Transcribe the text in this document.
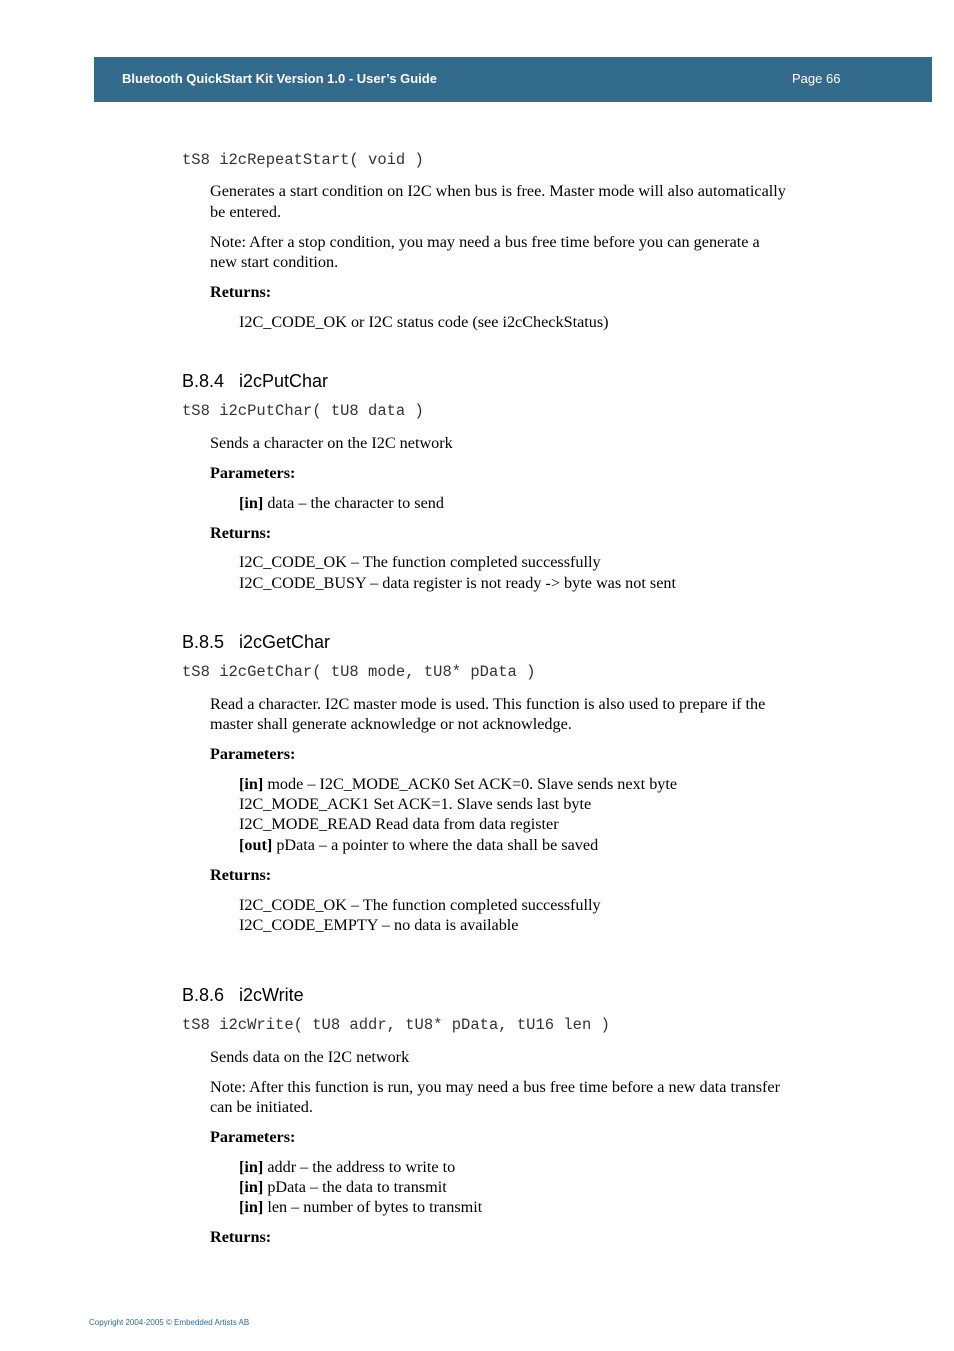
Bluetooth QuickStart Kit Version 1.0 - User’s Guide	Page 66
tS8 i2cRepeatStart( void )
Generates a start condition on I2C when bus is free. Master mode will also automatically
be entered.
Note: After a stop condition, you may need a bus free time before you can generate a
new start condition.
Returns:
I2C_CODE_OK or I2C status code (see i2cCheckStatus)
B.8.4 i2cPutChar
tS8 i2cPutChar( tU8 data )
Sends a character on the I2C network
Parameters:
[in] data – the character to send
Returns:
I2C_CODE_OK – The function completed successfully
I2C_CODE_BUSY – data register is not ready -> byte was not sent
B.8.5 i2cGetChar
tS8 i2cGetChar( tU8 mode, tU8* pData )
Read a character. I2C master mode is used. This function is also used to prepare if the
master shall generate acknowledge or not acknowledge.
Parameters:
[in] mode – I2C_MODE_ACK0 Set ACK=0. Slave sends next byte
I2C_MODE_ACK1 Set ACK=1. Slave sends last byte
I2C_MODE_READ Read data from data register
[out] pData – a pointer to where the data shall be saved
Returns:
I2C_CODE_OK – The function completed successfully
I2C_CODE_EMPTY – no data is available
B.8.6 i2cWrite
tS8 i2cWrite( tU8 addr, tU8* pData, tU16 len )
Sends data on the I2C network
Note: After this function is run, you may need a bus free time before a new data transfer
can be initiated.
Parameters:
[in] addr – the address to write to
[in] pData – the data to transmit
[in] len – number of bytes to transmit
Returns:
Copyright 2004-2005 © Embedded Artists AB
